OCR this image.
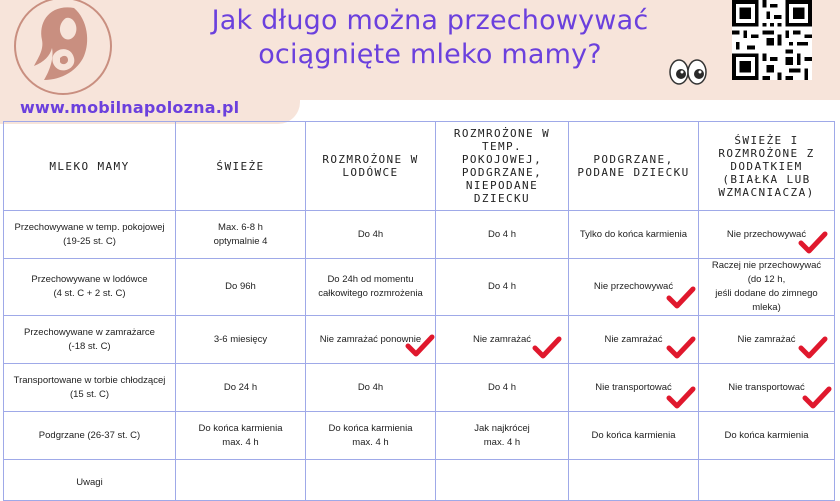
Jak długo można przechowywać
ociągnięte mleko mamy?
www.mobilnapolozna.pl
MLEKO MAMY	ŚWIEŻE	ROZMROŻONE W LODÓWCE	ROZMROŻONE W TEMP. POKOJOWEJ, PODGRZANE, NIEPODANE DZIECKU	PODGRZANE, PODANE DZIECKU	ŚWIEŻE I ROZMROŻONE Z DODATKIEM (BIAŁKA LUB WZMACNIACZA)
Przechowywane w temp. pokojowej
(19-25 st. C)	Max. 6-8 h
optymalnie 4	Do 4h	Do 4 h	Tylko do końca karmienia	Nie przechowywać

Przechowywane w lodówce
(4 st. C + 2 st. C)	Do 96h	Do 24h od momentu
całkowitego rozmrożenia	Do 4 h	Nie przechowywać	Raczej nie przechowywać
(do 12 h,
jeśli dodane do zimnego
mleka)
Przechowywane w zamrażarce
(-18 st. C)	3-6 miesięcy	Nie zamrażać ponownie	Nie zamrażać	Nie zamrażać	Nie zamrażać

Transportowane w torbie chłodzącej
(15 st. C)	Do 24 h	Do 4h	Do 4 h	Nie transportować	Nie transportować

Podgrzane (26-37 st. C)	Do końca karmienia
max. 4 h	Do końca karmienia
max. 4 h	Jak najkrócej
max. 4 h	Do końca karmienia	Do końca karmienia

Uwagi					
